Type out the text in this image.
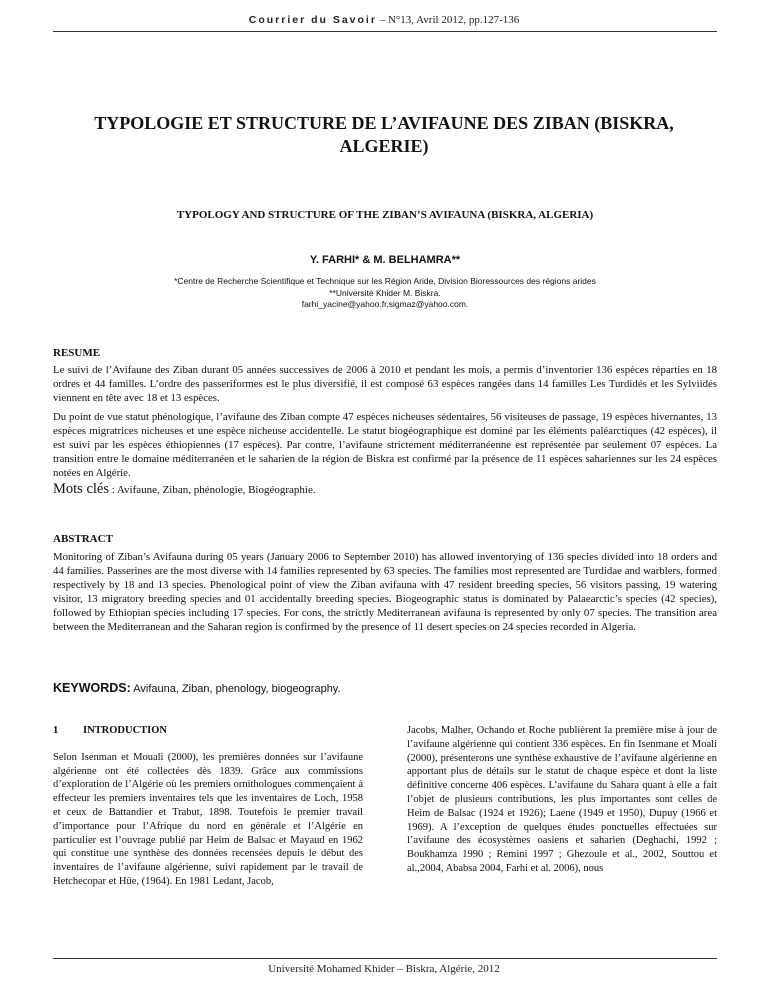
Courrier du Savoir – N°13, Avril 2012, pp.127-136
TYPOLOGIE ET STRUCTURE DE L’AVIFAUNE DES ZIBAN (BISKRA, ALGERIE)
TYPOLOGY AND STRUCTURE OF THE ZIBAN’S AVIFAUNA (BISKRA, ALGERIA)
Y. FARHI* & M. BELHAMRA**
*Centre de Recherche Scientifique et Technique sur les Région Aride, Division Bioressources des régions arides
**Université Khider M. Biskra.
farhi_yacine@yahoo.fr,sigmaz@yahoo.com.
RESUME

Le suivi de l’Avifaune des Ziban durant 05 années successives de 2006 à 2010 et pendant les mois, a permis d’inventorier 136 espèces réparties en 18 ordres et 44 familles. L’ordre des passeriformes est le plus diversifié, il est composé 63 espèces rangées dans 14 familles Les Turdidés et les Sylviidés viennent en tête avec 18 et 13 espèces.

Du point de vue statut phénologique, l’avifaune des Ziban compte 47 espèces nicheuses sédentaires, 56 visiteuses de passage, 19 espèces hivernantes, 13 espèces migratrices nicheuses et une espèce nicheuse accidentelle. Le statut biogéographique est dominé par les éléments paléarctiques (42 espèces), il est suivi par les espèces éthiopiennes (17 espèces). Par contre, l’avifaune strictement méditerranéenne est représentée par seulement 07 espèces. La transition entre le domaine méditerranéen et le saharien de la région de Biskra est confirmé par la présence de 11 espèces sahariennes sur les 24 espèces notées en Algérie.

Mots clés : Avifaune, Ziban, phénologie, Biogéographie.
ABSTRACT

Monitoring of Ziban’s Avifauna during 05 years (January 2006 to September 2010) has allowed inventorying of 136 species divided into 18 orders and 44 families. Passerines are the most diverse with 14 families represented by 63 species. The families most represented are Turdidae and warblers, formed respectively by 18 and 13 species. Phenological point of view the Ziban avifauna with 47 resident breeding species, 56 visitors passing, 19 watering visitor, 13 migratory breeding species and 01 accidentally breeding species. Biogeographic status is dominated by Palaearctic’s species (42 species), followed by Ethiopian species including 17 species. For cons, the strictly Mediterranean avifauna is represented by only 07 species. The transition area between the Mediterranean and the Saharan region is confirmed by the presence of 11 desert species on 24 species recorded in Algeria.

KEYWORDS: Avifauna, Ziban, phenology, biogeography.
1 INTRODUCTION

Selon Isenman et Mouali (2000), les premières données sur l’avifaune algérienne ont été collectées dès 1839. Grâce aux commissions d’exploration de l’Algérie où les premiers ornithologues commençaient à effecteur les premiers inventaires tels que les inventaires de Loch, 1958 et ceux de Battandier et Trabut, 1898. Toutefois le premier travail d’importance pour l’Afrique du nord en générale et l’Algérie en particulier est l’ouvrage publié par Heim de Balsac et Mayaud en 1962 qui constitue une synthèse des données recensées depuis le début des inventaires de l’avifaune algérienne, suivi rapidement par le travail de Hetchecopar et Hüe, (1964). En 1981 Ledant, Jacob,

Jacobs, Malher, Ochando et Roche publièrent la première mise à jour de l’avifaune algérienne qui contient 336 espèces. En fin Isenmane et Moali (2000), présenterons une synthèse exhaustive de l’avifaune algérienne en apportant plus de détails sur le statut de chaque espèce et dont la liste définitive concerne 406 espèces. L’avifaune du Sahara quant à elle a fait l’objet de plusieurs contributions, les plus importantes sont celles de Heim de Balsac (1924 et 1926); Laene (1949 et 1950), Dupuy (1966 et 1969). A l’exception de quelques études ponctuelles effectuées sur l’avifaune des écosystèmes oasiens et saharien (Deghachi, 1992 ; Boukhamza 1990 ; Remini 1997 ; Ghezoule et al., 2002, Souttou et al.,2004, Ababsa 2004, Farhi et al. 2006), nous

Université Mohamed Khider – Biskra, Algérie, 2012
